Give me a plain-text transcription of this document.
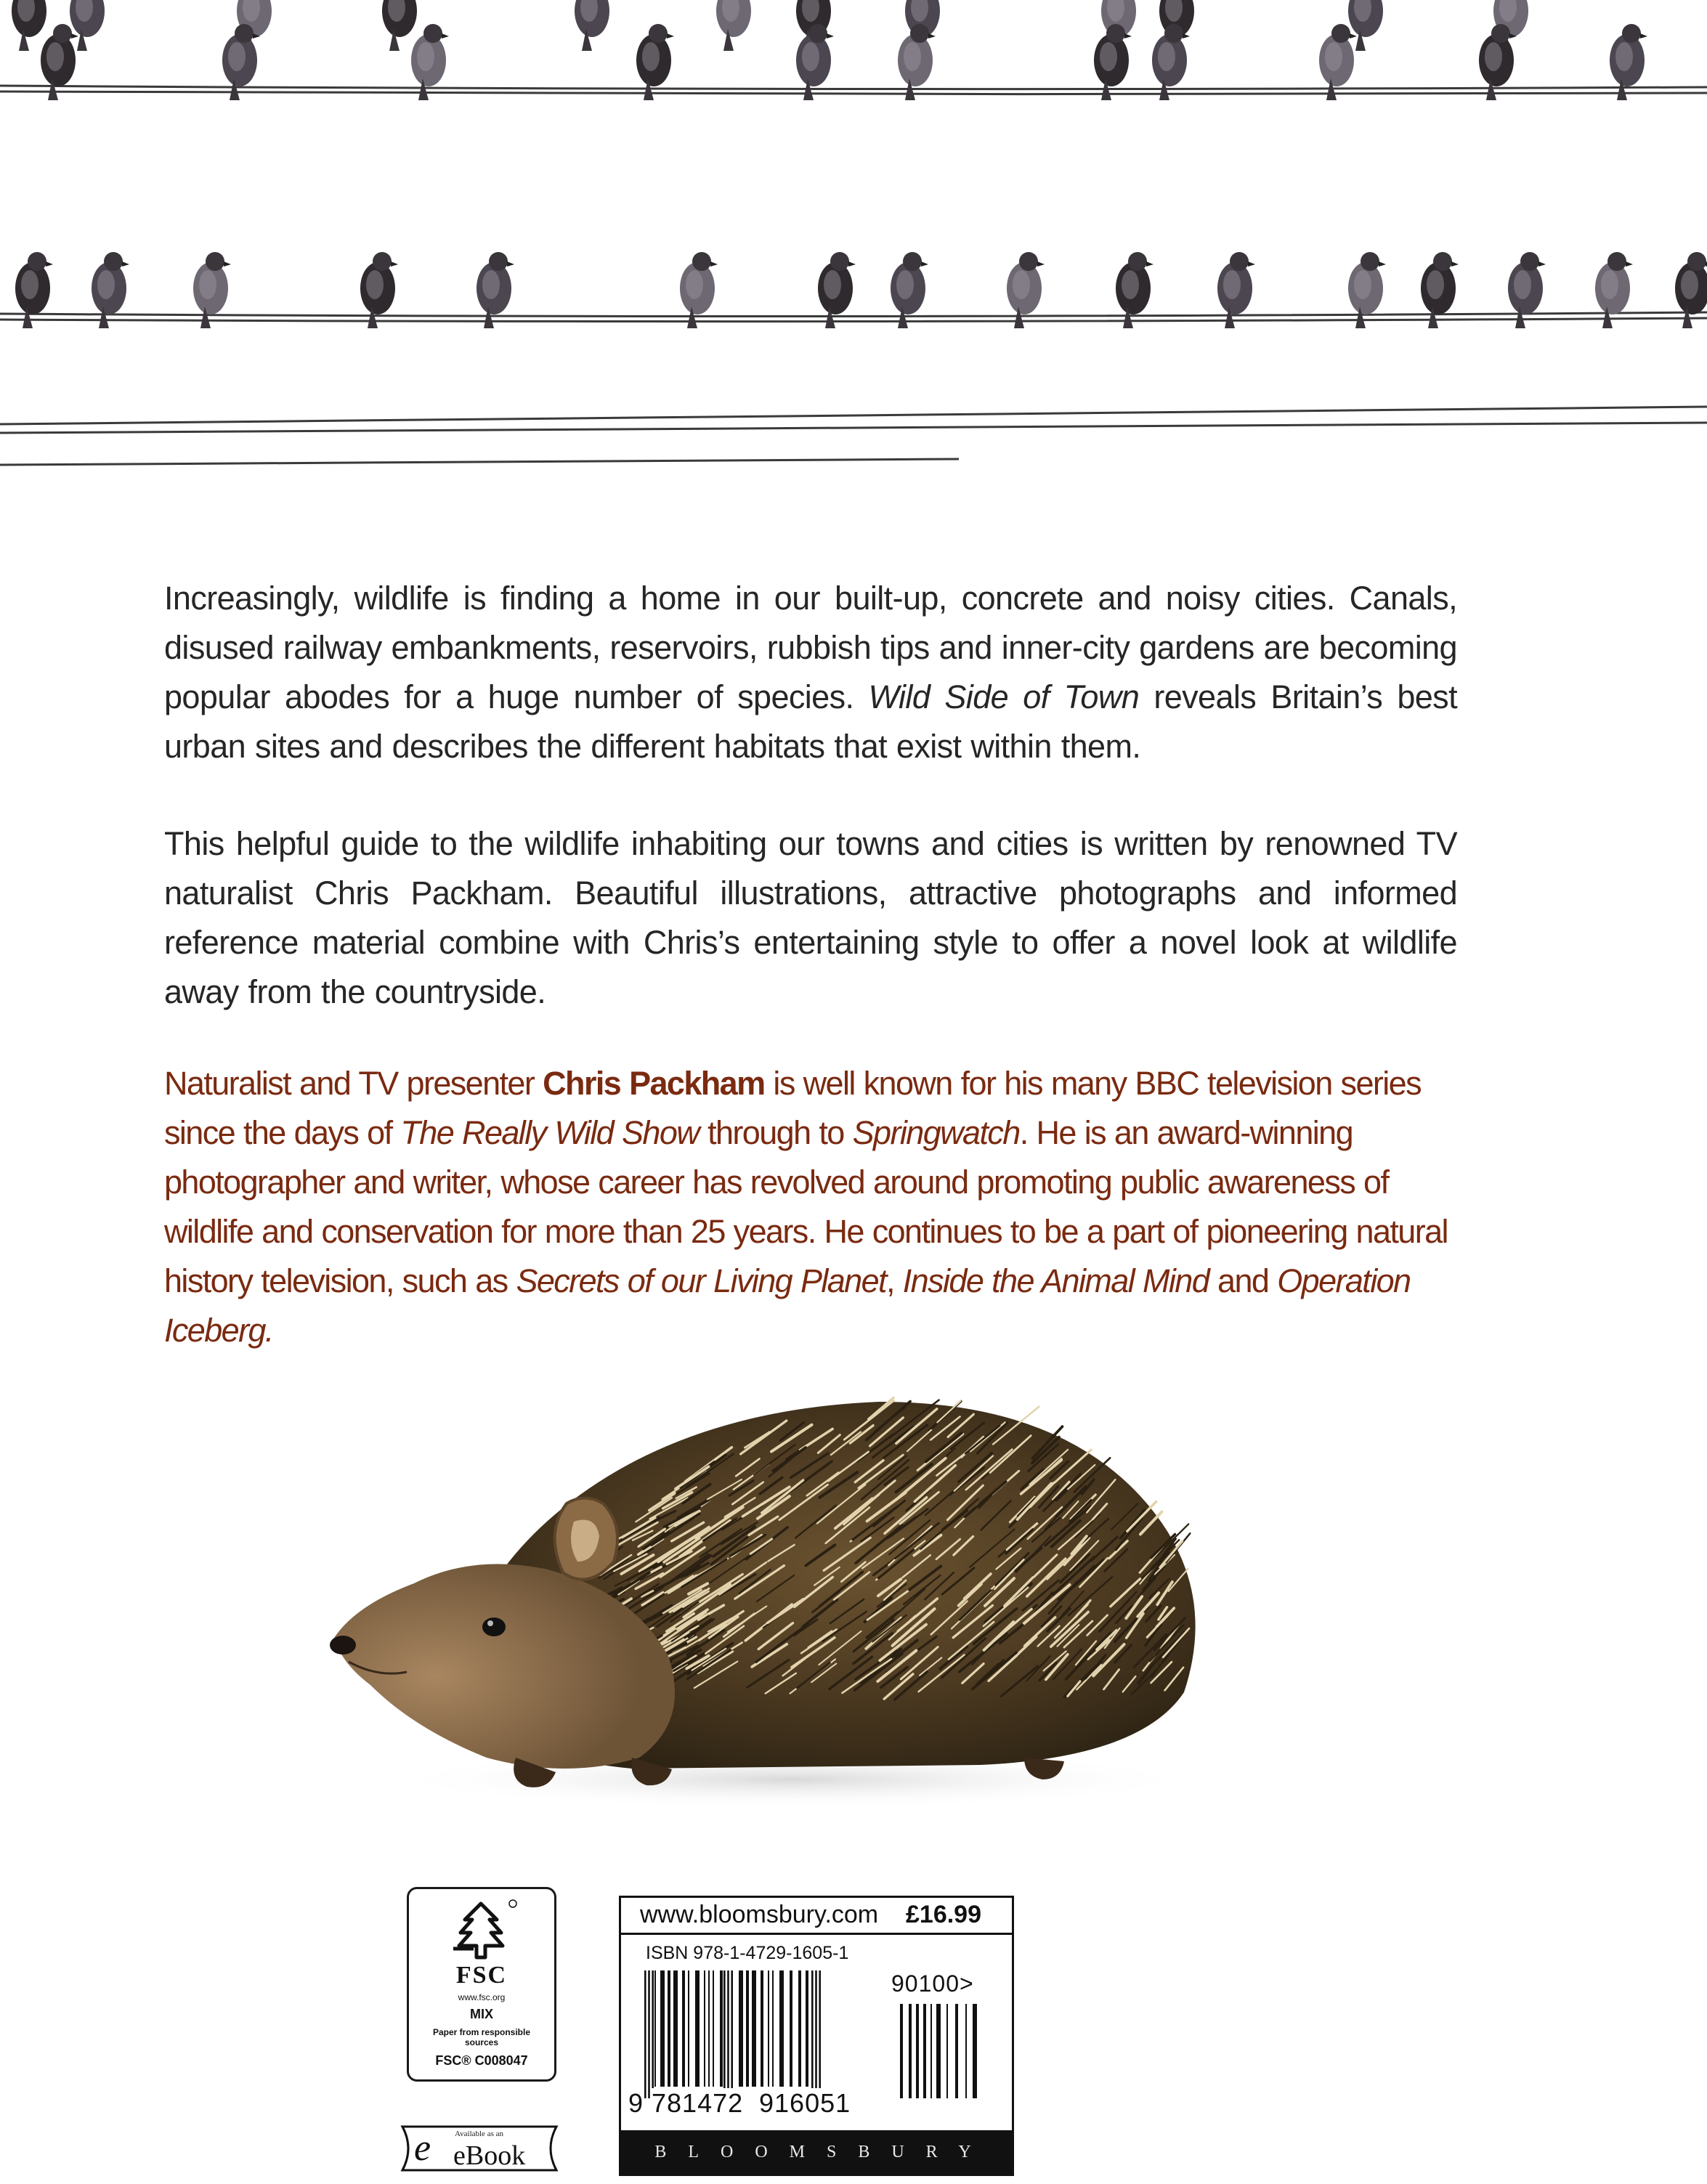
Increasingly, wildlife is finding a home in our built-up, concrete and noisy cities. Canals, disused railway embankments, reservoirs, rubbish tips and inner-city gardens are becoming popular abodes for a huge number of species. Wild Side of Town reveals Britain’s best urban sites and describes the different habitats that exist within them.
This helpful guide to the wildlife inhabiting our towns and cities is written by renowned TV naturalist Chris Packham. Beautiful illustrations, attractive photographs and informed reference material combine with Chris’s entertaining style to offer a novel look at wildlife away from the countryside.
Naturalist and TV presenter Chris Packham is well known for his many BBC television series since the days of The Really Wild Show through to Springwatch. He is an award-winning photographer and writer, whose career has revolved around promoting public awareness of wildlife and conservation for more than 25 years. He continues to be a part of pioneering natural history television, such as Secrets of our Living Planet, Inside the Animal Mind and Operation Iceberg.
FSC
www.fsc.org
MIX
Paper from responsible sources
FSC® C008047
e	Available as an
eBook
www.bloomsbury.com £16.99
ISBN 978-1-4729-1605-1
90100>
9 781472 916051
BLOOMSBURY
